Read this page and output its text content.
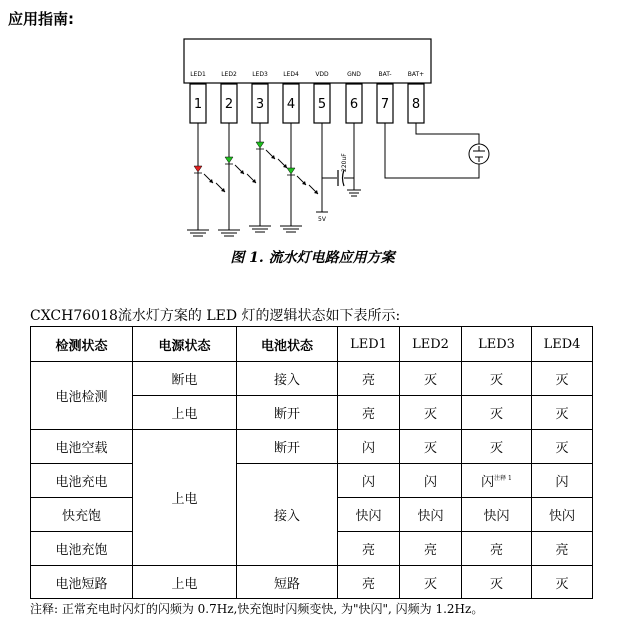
应用指南:
LED1
1
LED2
2
LED3
3
LED4
4
VDD
5
GND
6
BAT-
7
BAT+
8
5V
220uF
图 1. 流水灯电路应用方案
CXCH76018流水灯方案的 LED 灯的逻辑状态如下表所示:
检测状态	电源状态	电池状态	LED1	LED2	LED3	LED4
电池检测	断电	接入	亮	灭	灭	灭
	上电	断开	亮	灭	灭	灭
电池空载	上电	断开	闪	灭	灭	灭
电池充电		接入	闪	闪	闪$^{注释 1}$	闪
快充饱			快闪	快闪	快闪	快闪
电池充饱			亮	亮	亮	亮
电池短路	上电	短路	亮	灭	灭	灭
注释: 正常充电时闪灯的闪频为 0.7Hz,快充饱时闪频变快, 为"快闪", 闪频为 1.2Hz。
